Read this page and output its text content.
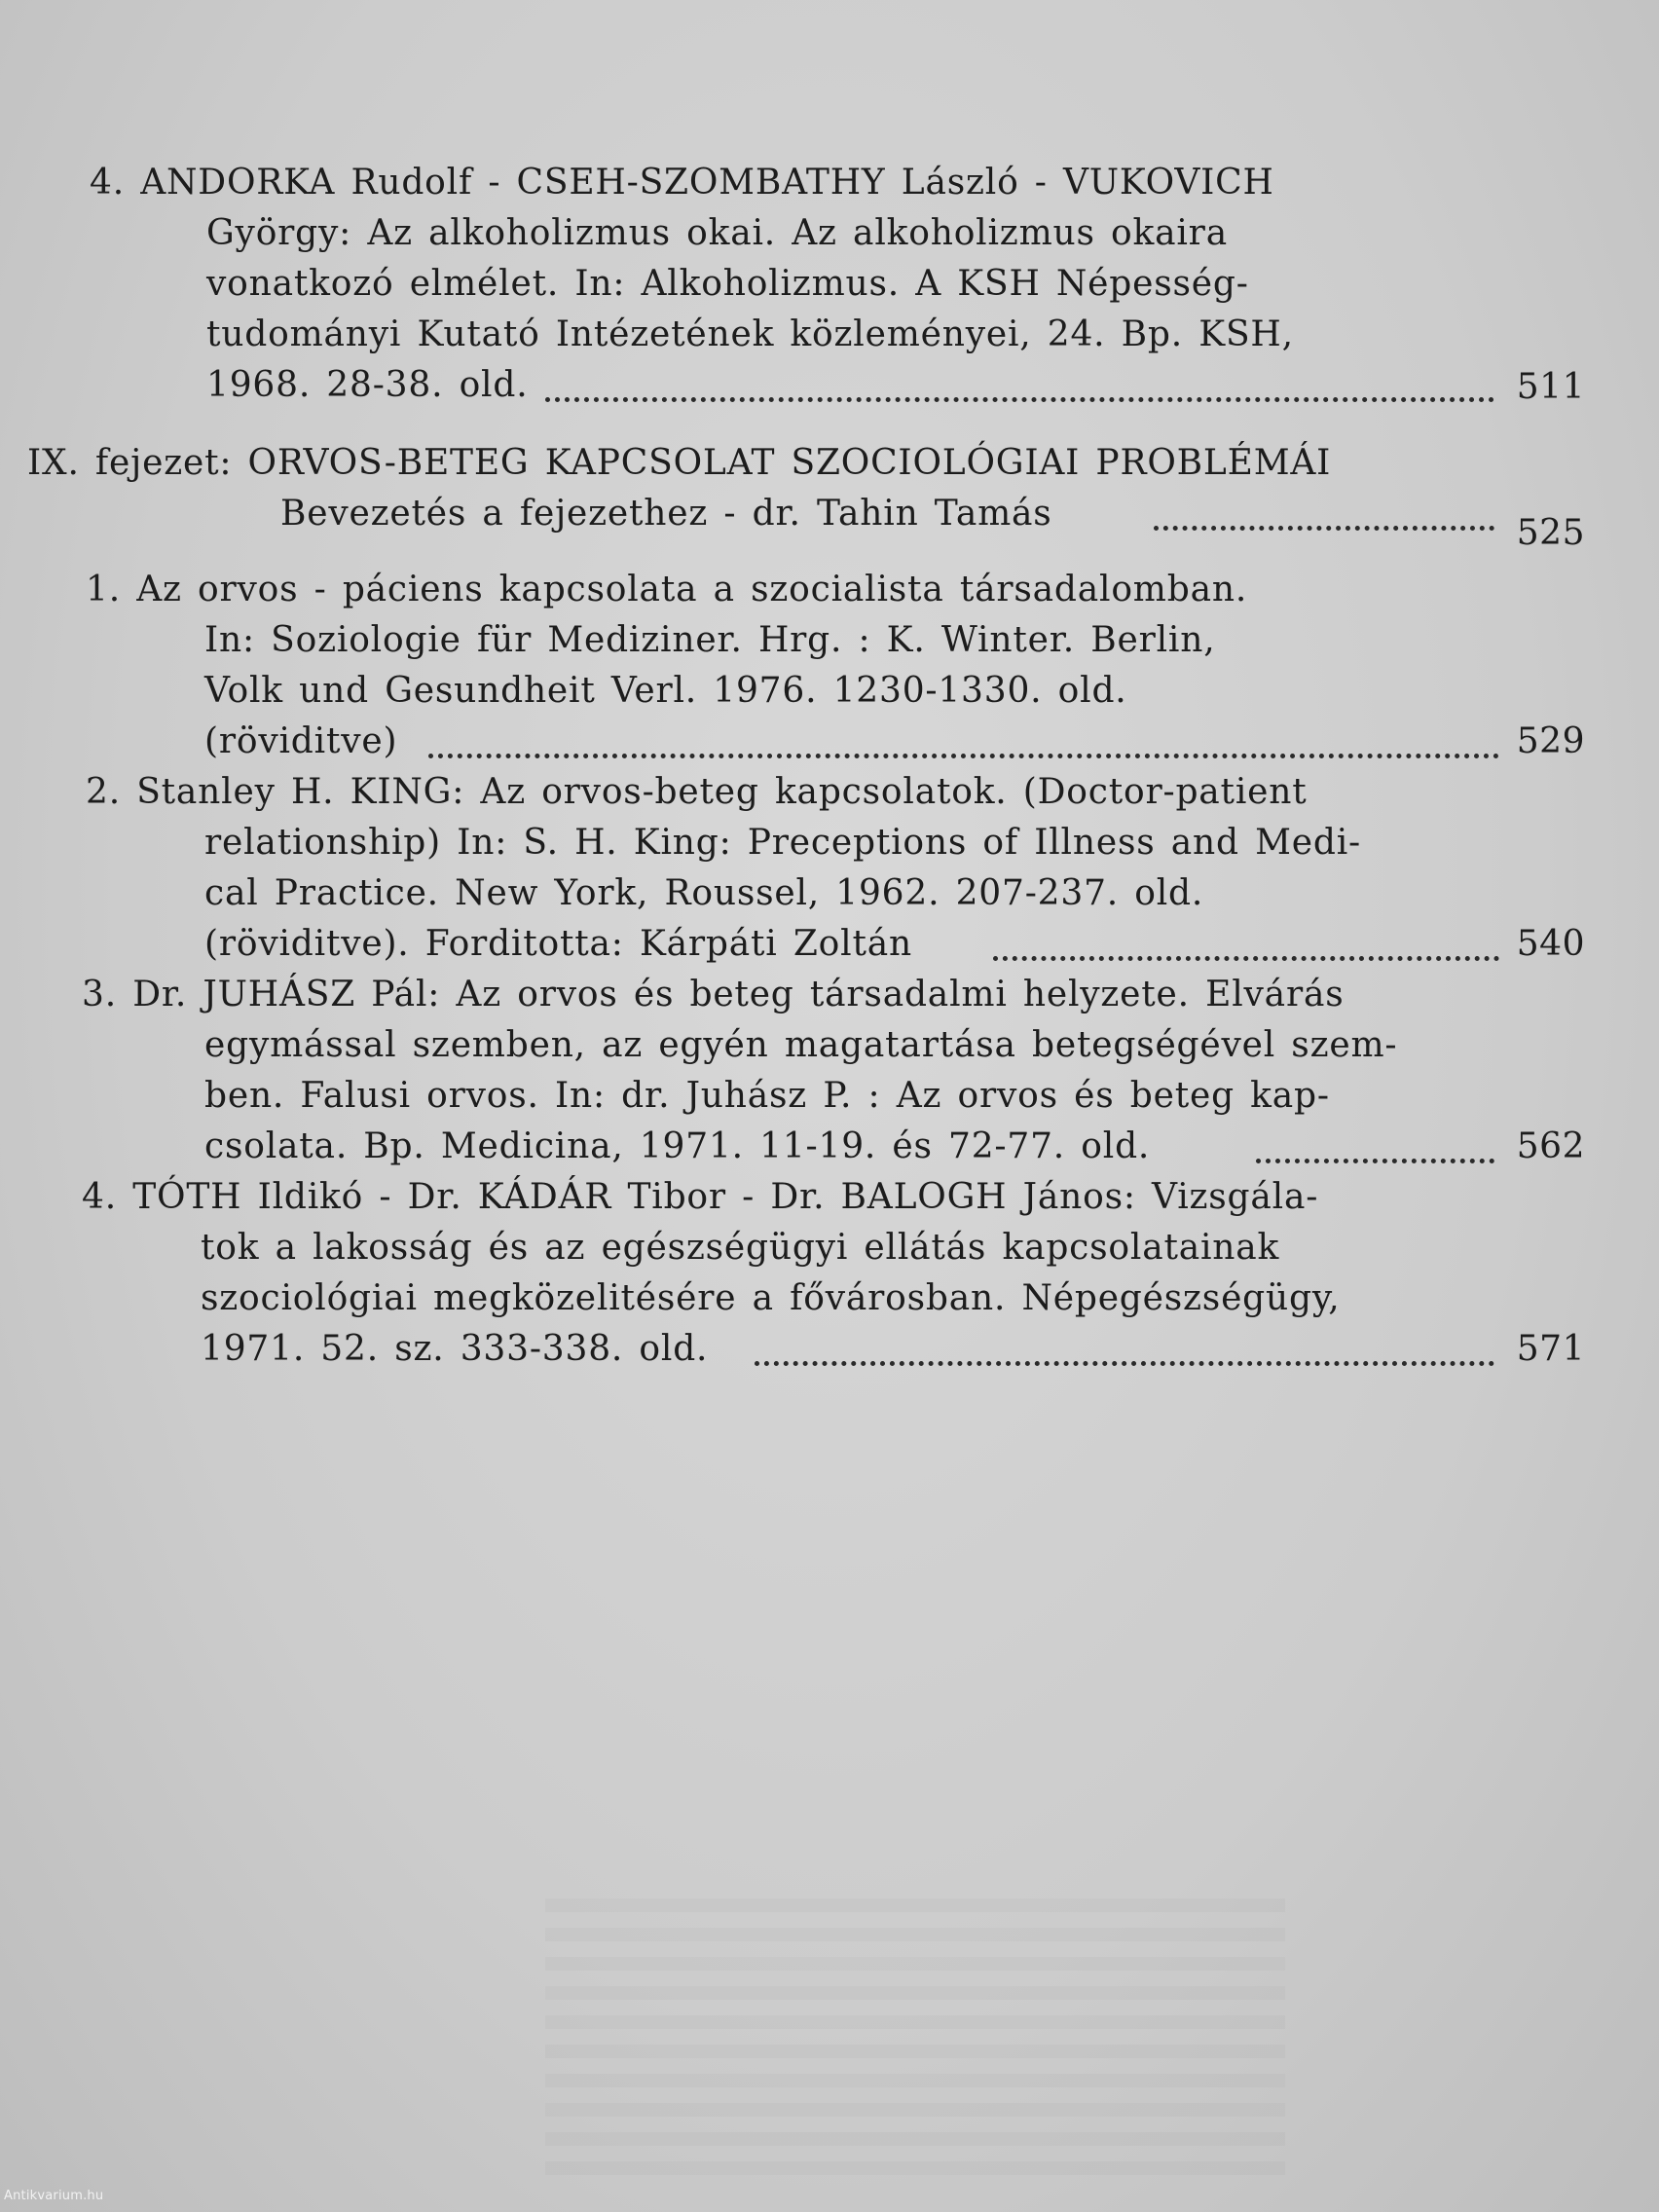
4. ANDORKA Rudolf - CSEH-SZOMBATHY László - VUKOVICH

György: Az alkoholizmus okai. Az alkoholizmus okaira

vonatkozó elmélet. In: Alkoholizmus. A KSH Népesség-

tudományi Kutató Intézetének közleményei, 24. Bp. KSH,

1968. 28-38. old.	511

IX. fejezet: ORVOS-BETEG KAPCSOLAT SZOCIOLÓGIAI PROBLÉMÁI

Bevezetés a fejezethez - dr. Tahin Tamás	525

1. Az orvos - páciens kapcsolata a szocialista társadalomban.

In: Soziologie für Mediziner. Hrg. : K. Winter. Berlin,

Volk und Gesundheit Verl. 1976. 1230-1330. old.

(röviditve)	529

2. Stanley H. KING: Az orvos-beteg kapcsolatok. (Doctor-patient

relationship) In: S. H. King: Preceptions of Illness and Medi-

cal Practice. New York, Roussel, 1962. 207-237. old.

(röviditve). Forditotta: Kárpáti Zoltán	540

3. Dr. JUHÁSZ Pál: Az orvos és beteg társadalmi helyzete. Elvárás

egymással szemben, az egyén magatartása betegségével szem-

ben. Falusi orvos. In: dr. Juhász P. : Az orvos és beteg kap-

csolata. Bp. Medicina, 1971. 11-19. és 72-77. old.	562

4. TÓTH Ildikó - Dr. KÁDÁR Tibor - Dr. BALOGH János: Vizsgála-

tok a lakosság és az egészségügyi ellátás kapcsolatainak

szociológiai megközelitésére a fővárosban. Népegészségügy,

1971. 52. sz. 333-338. old.	571

Antikvarium.hu
